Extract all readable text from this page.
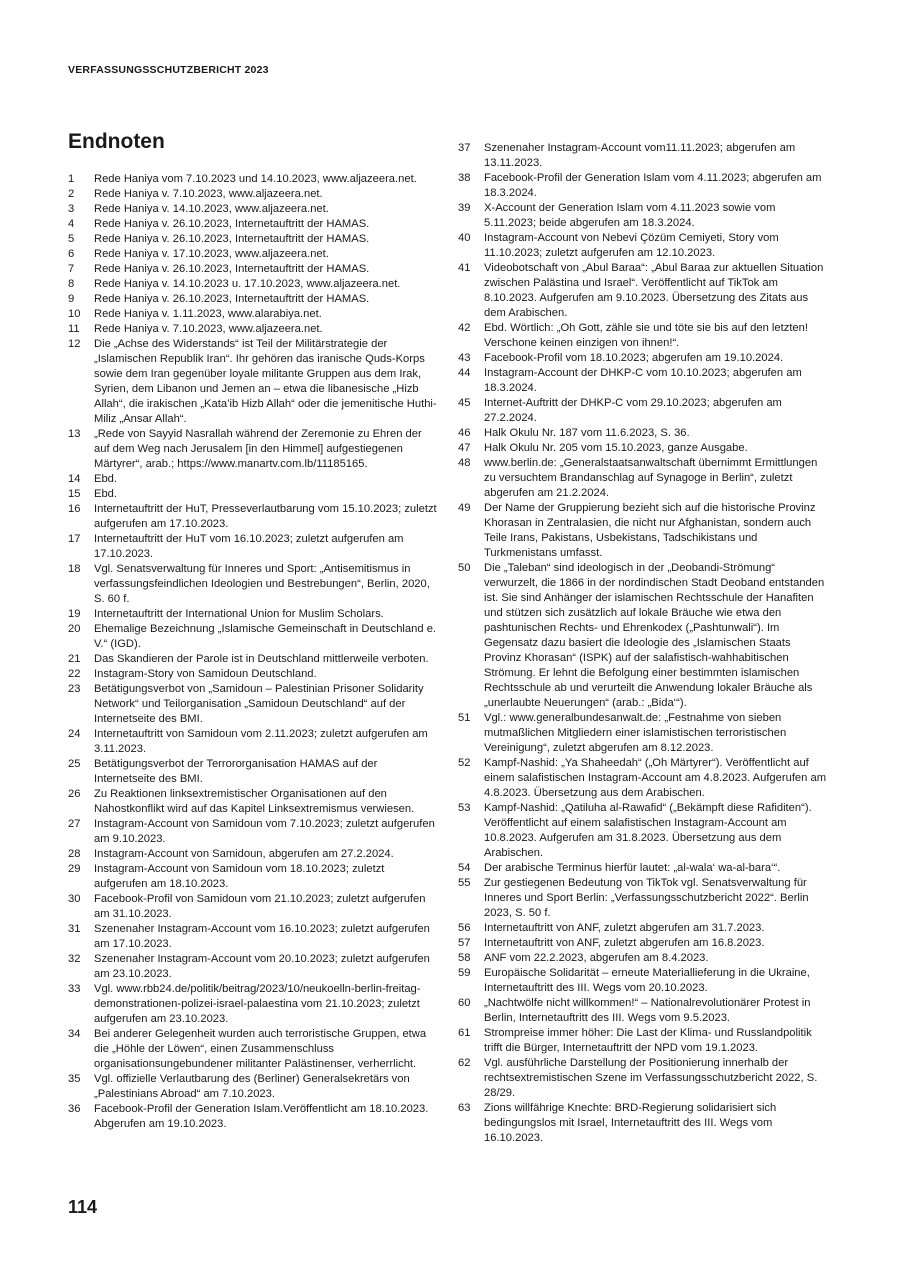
VERFASSUNGSSCHUTZBERICHT 2023
Endnoten
1	Rede Haniya vom 7.10.2023 und 14.10.2023, www.aljazeera.net.
2	Rede Haniya v. 7.10.2023, www.aljazeera.net.
3	Rede Haniya v. 14.10.2023, www.aljazeera.net.
4	Rede Haniya v. 26.10.2023, Internetauftritt der HAMAS.
5	Rede Haniya v. 26.10.2023, Internetauftritt der HAMAS.
6	Rede Haniya v. 17.10.2023, www.aljazeera.net.
7	Rede Haniya v. 26.10.2023, Internetauftritt der HAMAS.
8	Rede Haniya v. 14.10.2023 u. 17.10.2023, www.aljazeera.net.
9	Rede Haniya v. 26.10.2023, Internetauftritt der HAMAS.
10	Rede Haniya v. 1.11.2023, www.alarabiya.net.
11	Rede Haniya v. 7.10.2023, www.aljazeera.net.
12	Die „Achse des Widerstands“ ist Teil der Militärstrategie der „Islamischen Republik Iran“. Ihr gehören das iranische Quds-Korps sowie dem Iran gegenüber loyale militante Gruppen aus dem Irak, Syrien, dem Libanon und Jemen an – etwa die libanesische „Hizb Allah“, die irakischen „Kata’ib Hizb Allah“ oder die jemenitische Huthi-Miliz „Ansar Allah“.
13	„Rede von Sayyid Nasrallah während der Zeremonie zu Ehren der auf dem Weg nach Jerusalem [in den Himmel] aufgestiegenen Märtyrer“, arab.; https://www.manartv.com.lb/11185165.
14	Ebd.
15	Ebd.
16	Internetauftritt der HuT, Presseverlautbarung vom 15.10.2023; zuletzt aufgerufen am 17.10.2023.
17	Internetauftritt der HuT vom 16.10.2023; zuletzt aufgerufen am 17.10.2023.
18	Vgl. Senatsverwaltung für Inneres und Sport: „Antisemitismus in verfassungsfeindlichen Ideologien und Bestrebungen“, Berlin, 2020, S. 60 f.
19	Internetauftritt der International Union for Muslim Scholars.
20	Ehemalige Bezeichnung „Islamische Gemeinschaft in Deutschland e. V.“ (IGD).
21	Das Skandieren der Parole ist in Deutschland mittlerweile verboten.
22	Instagram-Story von Samidoun Deutschland.
23	Betätigungsverbot von „Samidoun – Palestinian Prisoner Solidarity Network“ und Teilorganisation „Samidoun Deutschland“ auf der Internetseite des BMI.
24	Internetauftritt von Samidoun vom 2.11.2023; zuletzt aufgerufen am 3.11.2023.
25	Betätigungsverbot der Terrororganisation HAMAS auf der Internetseite des BMI.
26	Zu Reaktionen linksextremistischer Organisationen auf den Nahostkonflikt wird auf das Kapitel Linksextremismus verwiesen.
27	Instagram-Account von Samidoun vom 7.10.2023; zuletzt aufgerufen am 9.10.2023.
28	Instagram-Account von Samidoun, abgerufen am 27.2.2024.
29	Instagram-Account von Samidoun vom 18.10.2023; zuletzt aufgerufen am 18.10.2023.
30	Facebook-Profil von Samidoun vom 21.10.2023; zuletzt aufgerufen am 31.10.2023.
31	Szenenaher Instagram-Account vom 16.10.2023; zuletzt aufgerufen am 17.10.2023.
32	Szenenaher Instagram-Account vom 20.10.2023; zuletzt aufgerufen am 23.10.2023.
33	Vgl. www.rbb24.de/politik/beitrag/2023/10/neukoelln-berlin-freitag-demonstrationen-polizei-israel-palaestina vom 21.10.2023; zuletzt aufgerufen am 23.10.2023.
34	Bei anderer Gelegenheit wurden auch terroristische Gruppen, etwa die „Höhle der Löwen“, einen Zusammenschluss organisationsungebundener militanter Palästinenser, verherrlicht.
35	Vgl. offizielle Verlautbarung des (Berliner) Generalsekretärs von „Palestinians Abroad“ am 7.10.2023.
36	Facebook-Profil der Generation Islam.Veröffentlicht am 18.10.2023. Abgerufen am 19.10.2023.
37	Szenenaher Instagram-Account vom11.11.2023; abgerufen am 13.11.2023.
38	Facebook-Profil der Generation Islam vom 4.11.2023; abgerufen am 18.3.2024.
39	X-Account der Generation Islam vom 4.11.2023 sowie vom 5.11.2023; beide abgerufen am 18.3.2024.
40	Instagram-Account von Nebevi Çözüm Cemiyeti, Story vom 11.10.2023; zuletzt aufgerufen am 12.10.2023.
41	Videobotschaft von „Abul Baraa“: „Abul Baraa zur aktuellen Situation zwischen Palästina und Israel“. Veröffentlicht auf TikTok am 8.10.2023. Aufgerufen am 9.10.2023. Übersetzung des Zitats aus dem Arabischen.
42	Ebd. Wörtlich: „Oh Gott, zähle sie und töte sie bis auf den letzten! Verschone keinen einzigen von ihnen!“.
43	Facebook-Profil vom 18.10.2023; abgerufen am 19.10.2024.
44	Instagram-Account der DHKP-C vom 10.10.2023; abgerufen am 18.3.2024.
45	Internet-Auftritt der DHKP-C vom 29.10.2023; abgerufen am 27.2.2024.
46	Halk Okulu Nr. 187 vom 11.6.2023, S. 36.
47	Halk Okulu Nr. 205 vom 15.10.2023, ganze Ausgabe.
48	www.berlin.de: „Generalstaatsanwaltschaft übernimmt Ermittlungen zu versuchtem Brandanschlag auf Synagoge in Berlin“, zuletzt abgerufen am 21.2.2024.
49	Der Name der Gruppierung bezieht sich auf die historische Provinz Khorasan in Zentralasien, die nicht nur Afghanistan, sondern auch Teile Irans, Pakistans, Usbekistans, Tadschikistans und Turkmenistans umfasst.
50	Die „Taleban“ sind ideologisch in der „Deobandi-Strömung“ verwurzelt, die 1866 in der nordindischen Stadt Deoband entstanden ist. Sie sind Anhänger der islamischen Rechtsschule der Hanafiten und stützen sich zusätzlich auf lokale Bräuche wie etwa den pashtunischen Rechts- und Ehrenkodex („Pashtunwali“). Im Gegensatz dazu basiert die Ideologie des „Islamischen Staats Provinz Khorasan“ (ISPK) auf der salafistisch-wahhabitischen Strömung. Er lehnt die Befolgung einer bestimmten islamischen Rechtsschule ab und verurteilt die Anwendung lokaler Bräuche als „unerlaubte Neuerungen“ (arab.: „Bida‘“).
51	Vgl.: www.generalbundesanwalt.de: „Festnahme von sieben mutmaßlichen Mitgliedern einer islamistischen terroristischen Vereinigung“, zuletzt abgerufen am 8.12.2023.
52	Kampf-Nashid: „Ya Shaheedah“ („Oh Märtyrer“). Veröffentlicht auf einem salafistischen Instagram-Account am 4.8.2023. Aufgerufen am 4.8.2023. Übersetzung aus dem Arabischen.
53	Kampf-Nashid: „Qatiluha al-Rawafid“ („Bekämpft diese Rafiditen“). Veröffentlicht auf einem salafistischen Instagram-Account am 10.8.2023. Aufgerufen am 31.8.2023. Übersetzung aus dem Arabischen.
54	Der arabische Terminus hierfür lautet: „al-wala‘ wa-al-bara‘“.
55	Zur gestiegenen Bedeutung von TikTok vgl. Senatsverwaltung für Inneres und Sport Berlin: „Verfassungsschutzbericht 2022“. Berlin 2023, S. 50 f.
56	Internetauftritt von ANF, zuletzt abgerufen am 31.7.2023.
57	Internetauftritt von ANF, zuletzt abgerufen am 16.8.2023.
58	ANF vom 22.2.2023, abgerufen am 8.4.2023.
59	Europäische Solidarität – erneute Materiallieferung in die Ukraine, Internetauftritt des III. Wegs vom 20.10.2023.
60	„Nachtwölfe nicht willkommen!“ – Nationalrevolutionärer Protest in Berlin, Internetauftritt des III. Wegs vom 9.5.2023.
61	Strompreise immer höher: Die Last der Klima- und Russlandpolitik trifft die Bürger, Internetauftritt der NPD vom 19.1.2023.
62	Vgl. ausführliche Darstellung der Positionierung innerhalb der rechtsextremistischen Szene im Verfassungsschutzbericht 2022, S. 28/29.
63	Zions willfährige Knechte: BRD-Regierung solidarisiert sich bedingungslos mit Israel, Internetauftritt des III. Wegs vom 16.10.2023.
114
